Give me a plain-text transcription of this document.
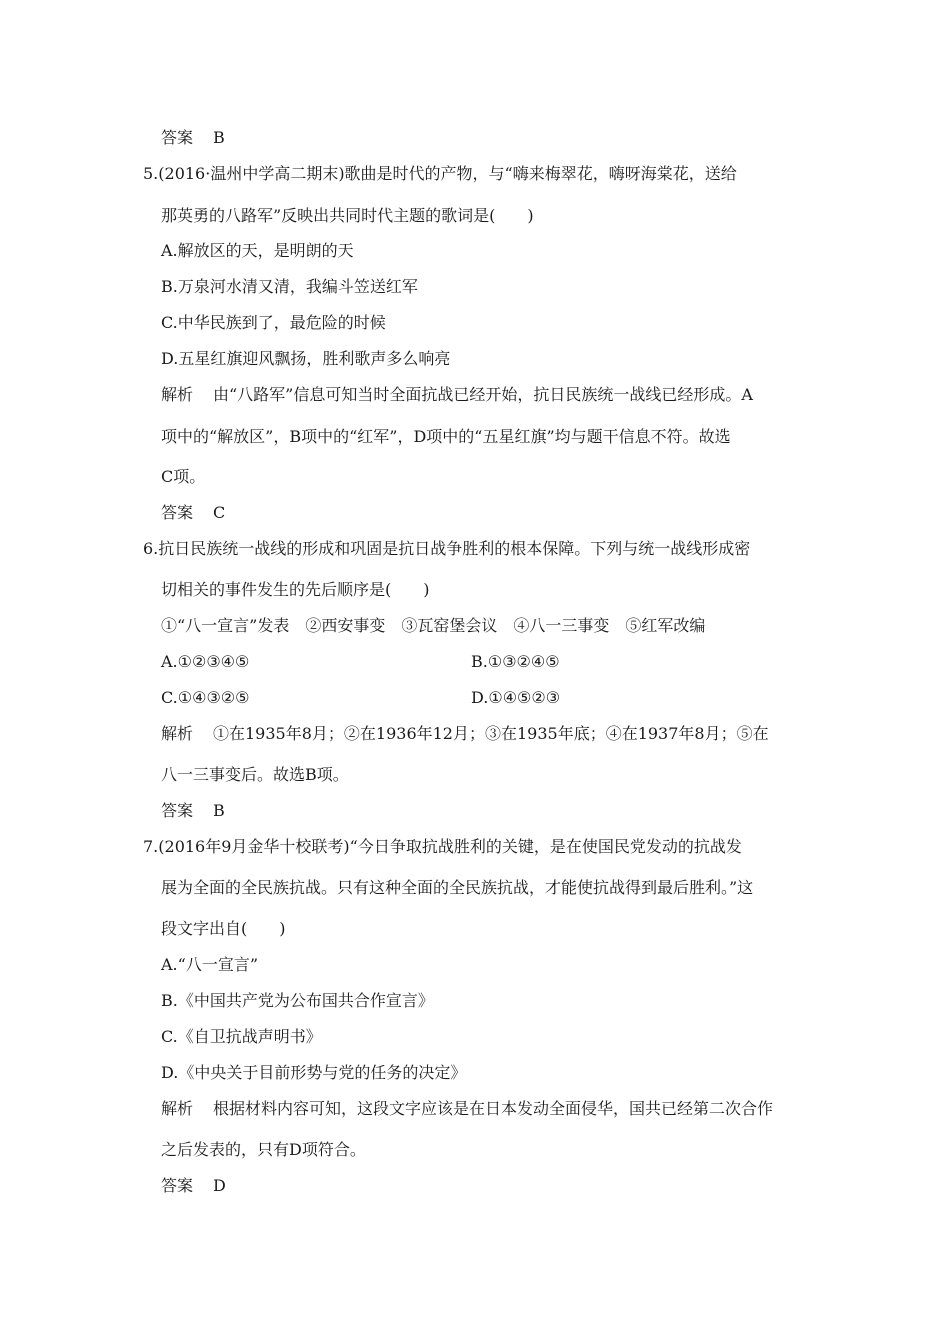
答案 B
5.(2016·温州中学高二期末)歌曲是时代的产物，与“嗨来梅翠花，嗨呀海棠花，送给
那英勇的八路军”反映出共同时代主题的歌词是(　　)
A.解放区的天，是明朗的天
B.万泉河水清又清，我编斗笠送红军
C.中华民族到了，最危险的时候
D.五星红旗迎风飘扬，胜利歌声多么响亮
解析 由“八路军”信息可知当时全面抗战已经开始，抗日民族统一战线已经形成。A
项中的“解放区”，B项中的“红军”，D项中的“五星红旗”均与题干信息不符。故选
C项。
答案 C
6.抗日民族统一战线的形成和巩固是抗日战争胜利的根本保障。下列与统一战线形成密
切相关的事件发生的先后顺序是(　　)
①“八一宣言”发表　②西安事变　③瓦窑堡会议　④八一三事变　⑤红军改编
A.①②③④⑤	B.①③②④⑤
C.①④③②⑤	D.①④⑤②③
解析 ①在1935年8月；②在1936年12月；③在1935年底；④在1937年8月；⑤在
八一三事变后。故选B项。
答案 B
7.(2016年9月金华十校联考)“今日争取抗战胜利的关键，是在使国民党发动的抗战发
展为全面的全民族抗战。只有这种全面的全民族抗战，才能使抗战得到最后胜利。”这
段文字出自(　　)
A.“八一宣言”
B.《中国共产党为公布国共合作宣言》
C.《自卫抗战声明书》
D.《中央关于目前形势与党的任务的决定》
解析 根据材料内容可知，这段文字应该是在日本发动全面侵华，国共已经第二次合作
之后发表的，只有D项符合。
答案 D
